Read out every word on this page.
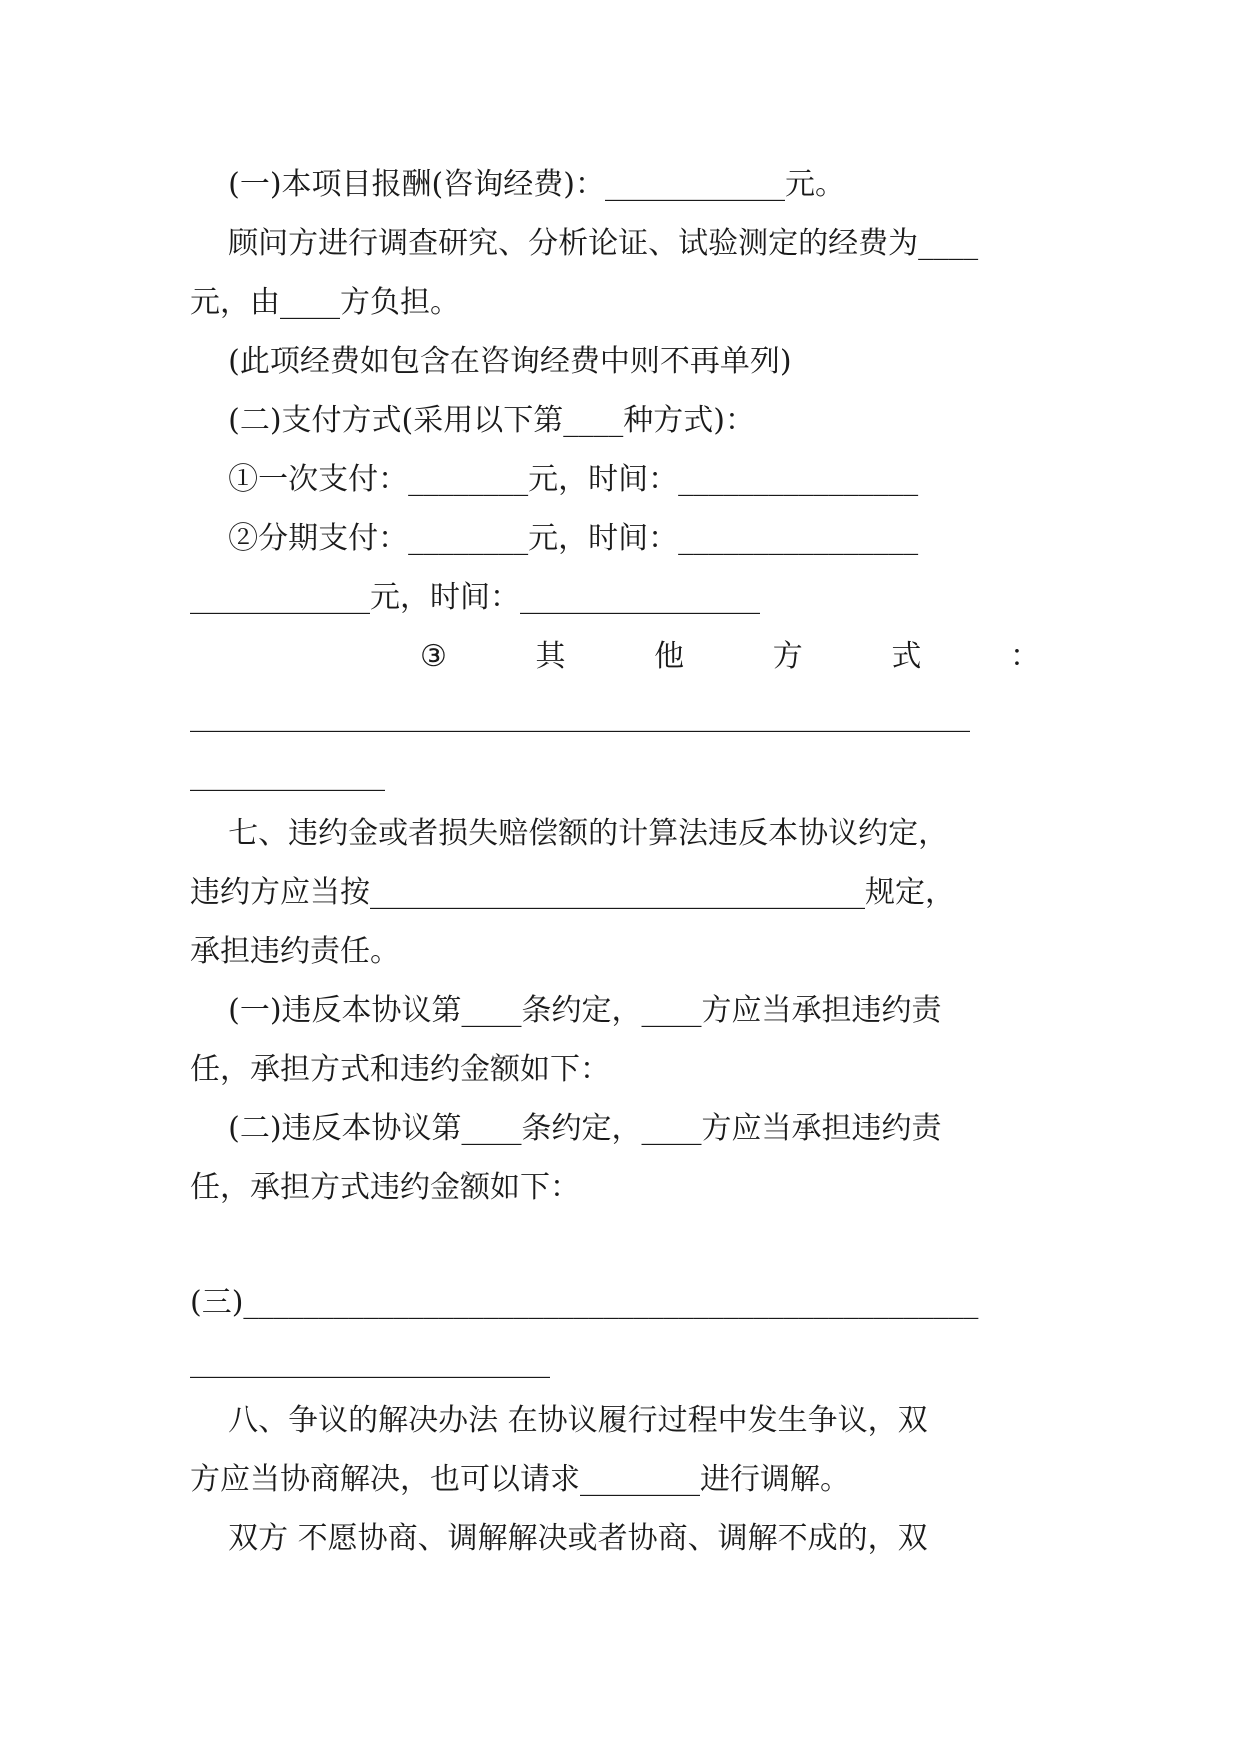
(一)本项目报酬(咨询经费)：____________元。
顾问方进行调查研究、分析论证、试验测定的经费为____
元，由____方负担。
(此项经费如包含在咨询经费中则不再单列)
(二)支付方式(采用以下第____种方式)：
①一次支付：________元，时间：________________
②分期支付：________元，时间：________________
____________元，时间：________________
③	其	他	方	式	：
____________________________________________________
_____________
七、违约金或者损失赔偿额的计算法违反本协议约定，
违约方应当按_________________________________规定，
承担违约责任。
(一)违反本协议第____条约定，____方应当承担违约责
任，承担方式和违约金额如下：
(二)违反本协议第____条约定，____方应当承担违约责
任，承担方式违约金额如下：
(三)_________________________________________________
________________________
八、争议的解决办法 在协议履行过程中发生争议，双
方应当协商解决，也可以请求________进行调解。
双方 不愿协商、调解解决或者协商、调解不成的，双
